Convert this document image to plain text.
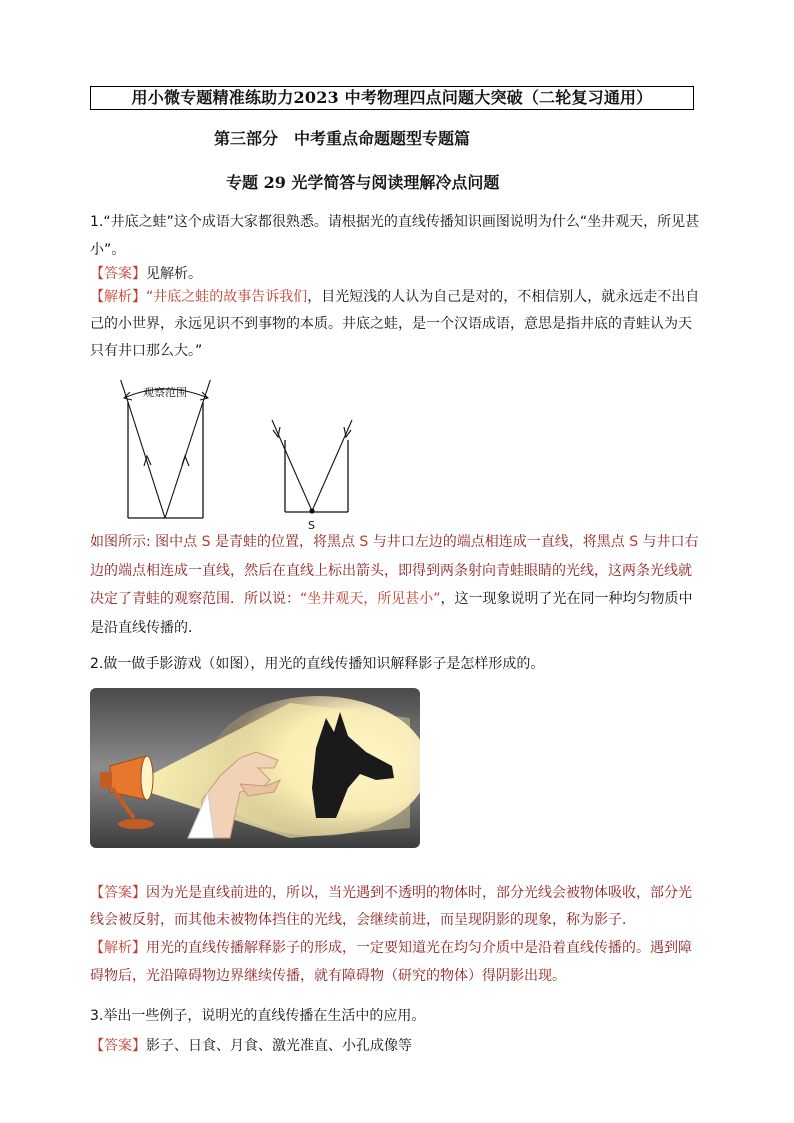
用小微专题精准练助力2023 中考物理四点问题大突破（二轮复习通用）
第三部分　中考重点命题题型专题篇
专题 29 光学简答与阅读理解冷点问题
1.“井底之蛙”这个成语大家都很熟悉。请根据光的直线传播知识画图说明为什么“坐井观天，所见甚小”。
【答案】见解析。
【解析】“井底之蛙的故事告诉我们，目光短浅的人认为自己是对的，不相信别人，就永远走不出自己的小世界，永远见识不到事物的本质。井底之蛙，是一个汉语成语，意思是指井底的青蛙认为天只有井口那么大。”
观察范围
S
如图所示: 图中点 S 是青蛙的位置，将黑点 S 与井口左边的端点相连成一直线，将黑点 S 与井口右边的端点相连成一直线，然后在直线上标出箭头，即得到两条射向青蛙眼睛的光线，这两条光线就决定了青蛙的观察范围．所以说：“坐井观天，所见甚小”，这一现象说明了光在同一种均匀物质中是沿直线传播的．
2.做一做手影游戏（如图），用光的直线传播知识解释影子是怎样形成的。
【答案】因为光是直线前进的，所以，当光遇到不透明的物体时，部分光线会被物体吸收，部分光线会被反射，而其他未被物体挡住的光线，会继续前进，而呈现阴影的现象，称为影子．
【解析】用光的直线传播解释影子的形成，一定要知道光在均匀介质中是沿着直线传播的。遇到障碍物后，光沿障碍物边界继续传播，就有障碍物（研究的物体）得阴影出现。
3.举出一些例子，说明光的直线传播在生活中的应用。
【答案】影子、日食、月食、激光准直、小孔成像等
